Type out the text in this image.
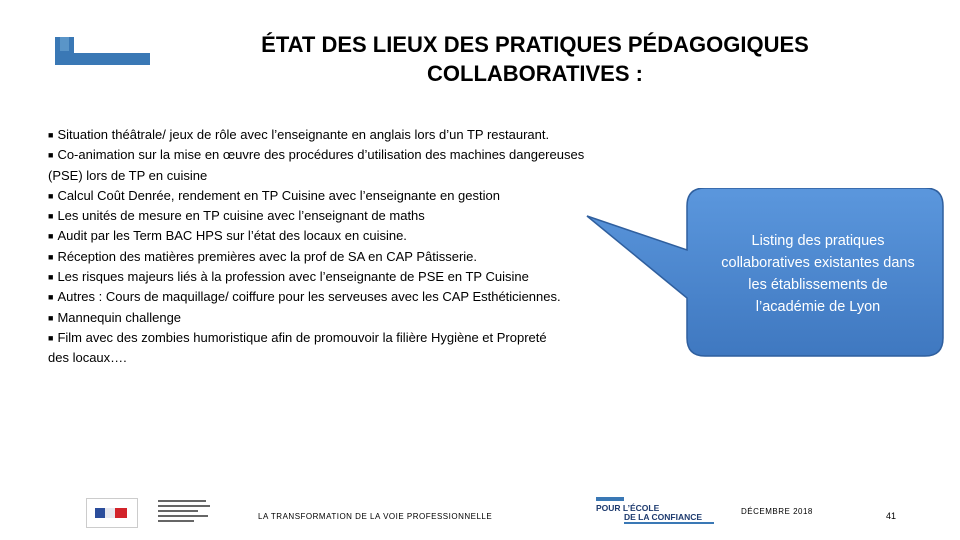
ÉTAT DES LIEUX DES PRATIQUES PÉDAGOGIQUES
COLLABORATIVES :
■ Situation théâtrale/ jeux de rôle avec l’enseignante en anglais lors d’un TP restaurant.
■ Co-animation sur la mise en œuvre des procédures d’utilisation des machines dangereuses
(PSE) lors de TP en cuisine
■ Calcul Coût Denrée, rendement en TP Cuisine avec l’enseignante en gestion
■ Les unités de mesure en TP cuisine avec l’enseignant de maths
■ Audit par les Term BAC HPS sur l’état des locaux en cuisine.
■ Réception des matières premières avec la prof de SA en CAP Pâtisserie.
■ Les risques majeurs liés à la profession avec l’enseignante de PSE en TP Cuisine
■ Autres : Cours de maquillage/ coiffure pour les serveuses avec les CAP Esthéticiennes.
■ Mannequin challenge
■ Film avec des zombies humoristique afin de promouvoir la filière Hygiène et Propreté
des locaux….
Listing des pratiques
collaboratives existantes dans
les établissements de
l’académie de Lyon
LA TRANSFORMATION DE LA VOIE PROFESSIONNELLE
POUR L’ÉCOLE
DE LA CONFIANCE
DÉCEMBRE 2018	41
